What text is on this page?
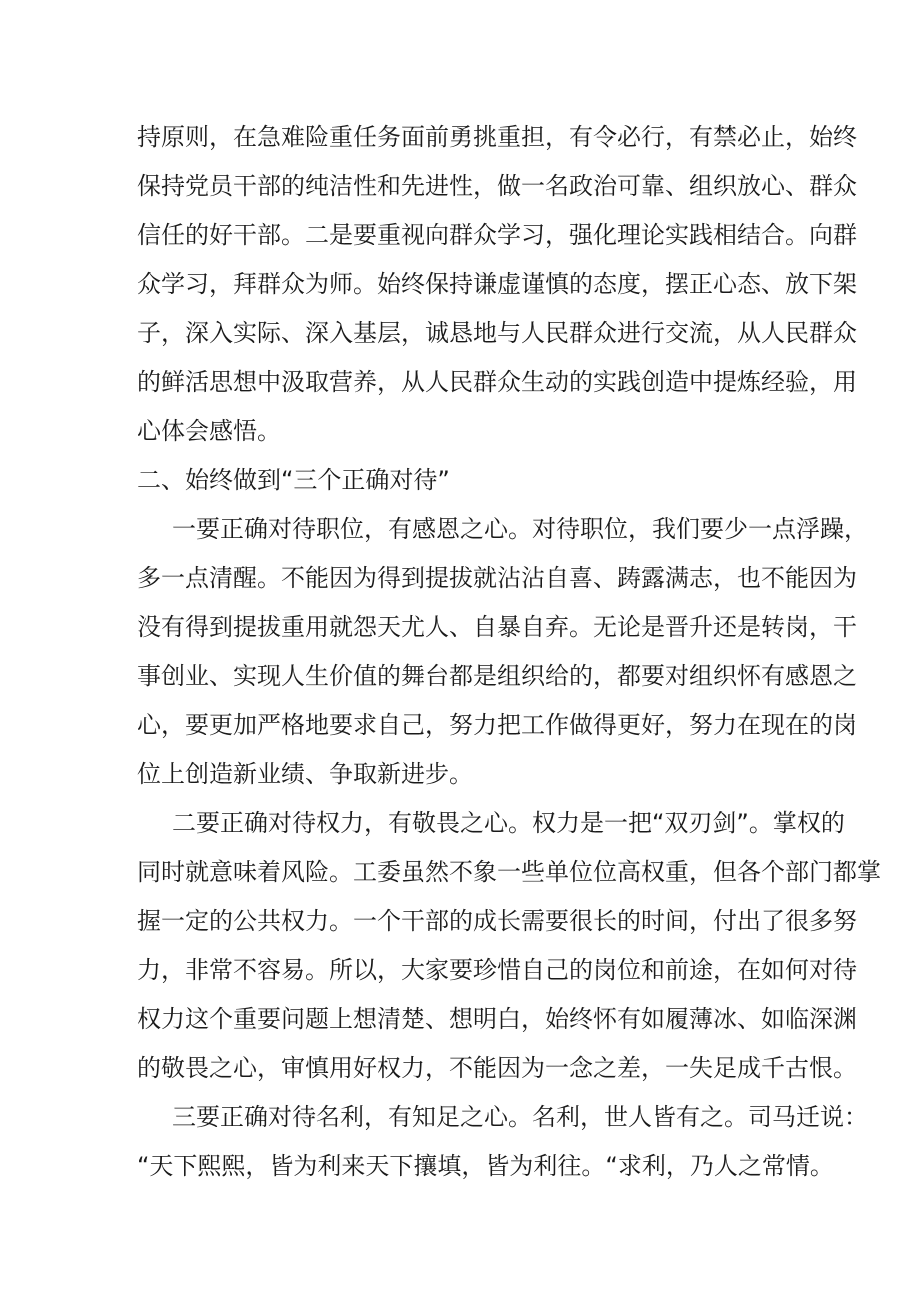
持原则，在急难险重任务面前勇挑重担，有令必行，有禁必止，始终
保持党员干部的纯洁性和先进性，做一名政治可靠、组织放心、群众
信任的好干部。二是要重视向群众学习，强化理论实践相结合。向群
众学习，拜群众为师。始终保持谦虚谨慎的态度，摆正心态、放下架
子，深入实际、深入基层，诚恳地与人民群众进行交流，从人民群众
的鲜活思想中汲取营养，从人民群众生动的实践创造中提炼经验，用
心体会感悟。
二、始终做到“三个正确对待”
一要正确对待职位，有感恩之心。对待职位，我们要少一点浮躁，
多一点清醒。不能因为得到提拔就沾沾自喜、踌露满志，也不能因为
没有得到提拔重用就怨天尤人、自暴自弃。无论是晋升还是转岗，干
事创业、实现人生价值的舞台都是组织给的，都要对组织怀有感恩之
心，要更加严格地要求自己，努力把工作做得更好，努力在现在的岗
位上创造新业绩、争取新进步。
二要正确对待权力，有敬畏之心。权力是一把“双刃剑”。掌权的
同时就意味着风险。工委虽然不象一些单位位高权重，但各个部门都掌
握一定的公共权力。一个干部的成长需要很长的时间，付出了很多努
力，非常不容易。所以，大家要珍惜自己的岗位和前途，在如何对待
权力这个重要问题上想清楚、想明白，始终怀有如履薄冰、如临深渊
的敬畏之心，审慎用好权力，不能因为一念之差，一失足成千古恨。
三要正确对待名利，有知足之心。名利，世人皆有之。司马迁说：
“天下熙熙，皆为利来天下攘填，皆为利往。“求利，乃人之常情。
